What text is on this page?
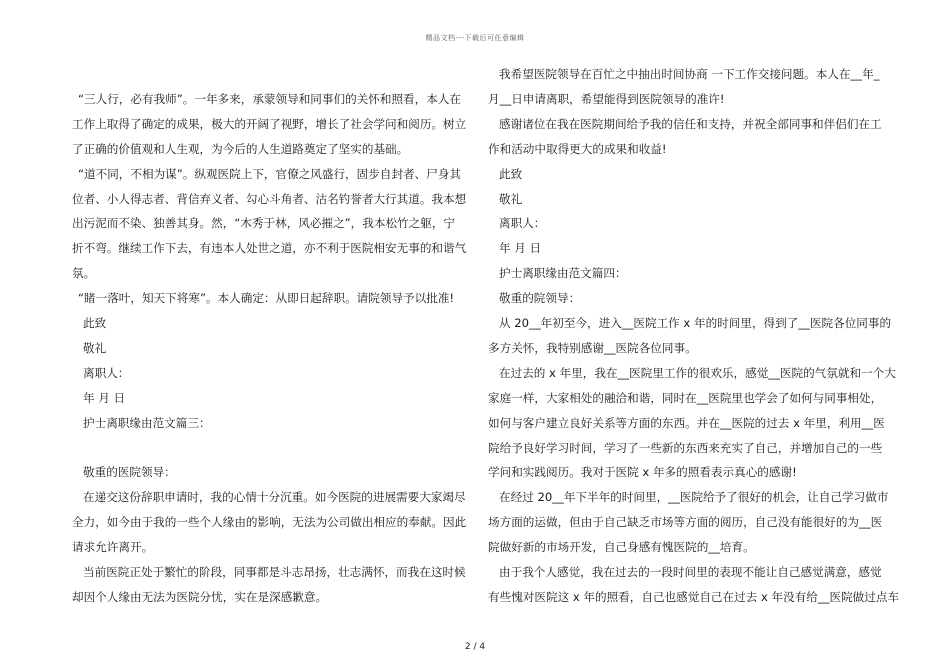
精品文档---下载后可任意编辑
“三人行，必有我师”。一年多来，承蒙领导和同事们的关怀和照看，本人在
工作上取得了确定的成果，极大的开阔了视野，增长了社会学问和阅历。树立
了正确的价值观和人生观，为今后的人生道路奠定了坚实的基础。
“道不同，不相为谋”。纵观医院上下，官僚之风盛行，固步自封者、尸身其
位者、小人得志者、背信弃义者、勾心斗角者、沽名钓誉者大行其道。我本想
出污泥而不染、独善其身。然，“木秀于林，风必摧之”，我本松竹之躯，宁
折不弯。继续工作下去，有违本人处世之道，亦不利于医院相安无事的和谐气
氛。
“睹一落叶，知天下将寒”。本人确定：从即日起辞职。请院领导予以批准!
此致
敬礼
离职人：
年 月 日
护士离职缘由范文篇三：
敬重的医院领导：
在递交这份辞职申请时，我的心情十分沉重。如今医院的进展需要大家竭尽
全力，如今由于我的一些个人缘由的影响，无法为公司做出相应的奉献。因此
请求允许离开。
当前医院正处于繁忙的阶段，同事都是斗志昂扬，壮志满怀，而我在这时候
却因个人缘由无法为医院分忧，实在是深感歉意。
我希望医院领导在百忙之中抽出时间协商 一下工作交接问题。本人在__年_
月__日申请离职，希望能得到医院领导的准许!
感谢诸位在我在医院期间给予我的信任和支持，并祝全部同事和伴侣们在工
作和活动中取得更大的成果和收益!
此致
敬礼
离职人：
年 月 日
护士离职缘由范文篇四：
敬重的院领导：
从 20__年初至今，进入__医院工作 x 年的时间里，得到了__医院各位同事的
多方关怀，我特别感谢__医院各位同事。
在过去的 x 年里，我在__医院里工作的很欢乐，感觉__医院的气氛就和一个大
家庭一样，大家相处的融洽和谐，同时在__医院里也学会了如何与同事相处，
如何与客户建立良好关系等方面的东西。并在__医院的过去 x 年里，利用__医
院给予良好学习时间，学习了一些新的东西来充实了自己，并增加自己的一些
学问和实践阅历。我对于医院 x 年多的照看表示真心的感谢!
在经过 20__年下半年的时间里，__医院给予了很好的机会，让自己学习做市
场方面的运做，但由于自己缺乏市场等方面的阅历，自己没有能很好的为__医
院做好新的市场开发，自己身感有愧医院的__培育。
由于我个人感觉，我在过去的一段时间里的表现不能让自己感觉满意，感觉
有些愧对医院这 x 年的照看，自己也感觉自己在过去 x 年没有给__医院做过点车
2 / 4
